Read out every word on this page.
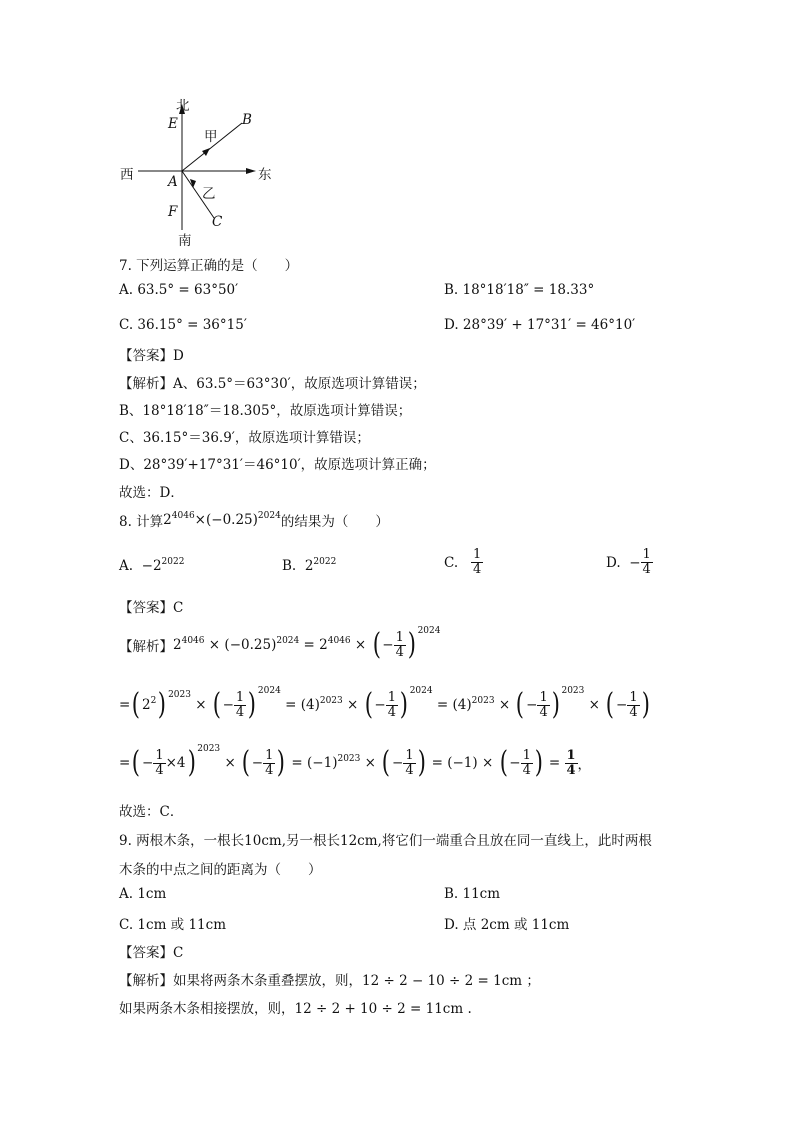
北
E
甲
B
西	东
A
乙
F
C
南
7. 下列运算正确的是（　　）
A. 63.5° = 63°50′	B. 18°18′18″ = 18.33°
C. 36.15° = 36°15′	D. 28°39′ + 17°31′ = 46°10′
【答案】D
【解析】A、63.5°＝63°30′，故原选项计算错误；
B、18°18′18″＝18.305°，故原选项计算错误；
C、36.15°＝36.9′，故原选项计算错误；
D、28°39′+17°31′＝46°10′，故原选项计算正确；
故选：D．
8. 计算 2 4046 × ( −0.25 ) 2024 的结果为（　　）
A.
−2 2022	B.
2 2022	C.
$\frac{1}{4}$	D.
− $\frac{1}{4}$
【答案】C
【解析】 2 4046 × ( −0.25 ) 2024 = 2 4046 × ( − $\frac{1}{4}$ ) 2024
= ( 2 2 ) 2023
× ( − $\frac{1}{4}$ ) 2024
= (4) 2023 × ( − $\frac{1}{4}$ ) 2024
= (4) 2023 × ( − $\frac{1}{4}$ ) 2023
× ( − $\frac{1}{4}$ )
= ( − $\frac{1}{4} \times 4$ ) 2023
× ( − $\frac{1}{4}$ ) = ( −1 ) 2023 × ( − $\frac{1}{4}$ ) = (−1) × ( − $\frac{1}{4}$ ) = $\frac{1}{4}$ ，
故选：C．
9. 两根木条，一根长10cm,另一根长12cm,将它们一端重合且放在同一直线上，此时两根
木条的中点之间的距离为（　　）
A. 1cm	B. 11cm
C. 1cm 或 11cm	D. 点 2cm 或 11cm
【答案】C
【解析】如果将两条木条重叠摆放，则，12 ÷ 2 − 10 ÷ 2 = 1cm ；
如果两条木条相接摆放，则，12 ÷ 2 + 10 ÷ 2 = 11cm .
